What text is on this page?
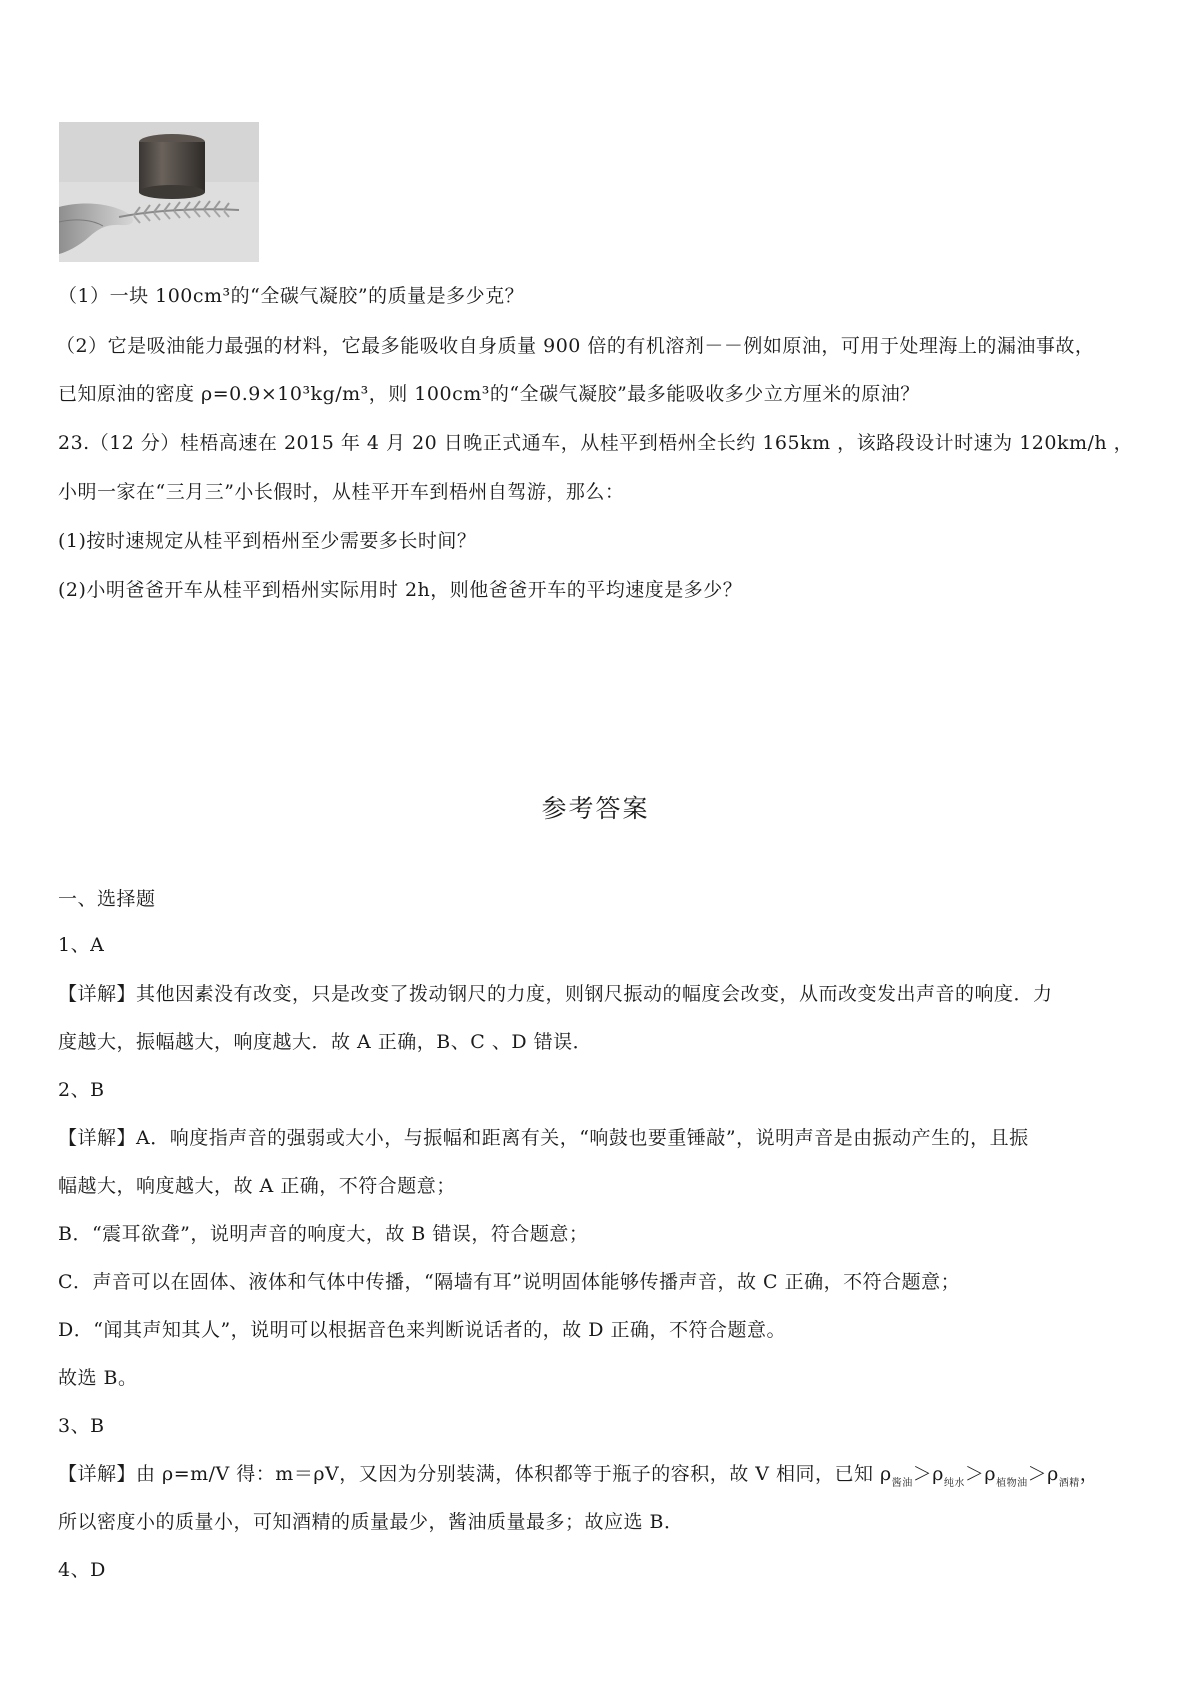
（1）一块 100cm³的“全碳气凝胶”的质量是多少克？
（2）它是吸油能力最强的材料，它最多能吸收自身质量 900 倍的有机溶剂－－例如原油，可用于处理海上的漏油事故，
已知原油的密度 ρ=0.9×10³kg/m³，则 100cm³的“全碳气凝胶”最多能吸收多少立方厘米的原油？
23.（12 分）桂梧高速在 2015 年 4 月 20 日晚正式通车，从桂平到梧州全长约 165km ，该路段设计时速为 120km/h ，
小明一家在“三月三”小长假时，从桂平开车到梧州自驾游，那么：
(1)按时速规定从桂平到梧州至少需要多长时间？
(2)小明爸爸开车从桂平到梧州实际用时 2h，则他爸爸开车的平均速度是多少？
参考答案
一、选择题
1、A
【详解】其他因素没有改变，只是改变了拨动钢尺的力度，则钢尺振动的幅度会改变，从而改变发出声音的响度．力
度越大，振幅越大，响度越大．故 A 正确，B、C 、D 错误．
2、B
【详解】A．响度指声音的强弱或大小，与振幅和距离有关，“响鼓也要重锤敲”，说明声音是由振动产生的，且振
幅越大，响度越大，故 A 正确，不符合题意；
B．“震耳欲聋”，说明声音的响度大，故 B 错误，符合题意；
C．声音可以在固体、液体和气体中传播，“隔墙有耳”说明固体能够传播声音，故 C 正确，不符合题意；
D．“闻其声知其人”，说明可以根据音色来判断说话者的，故 D 正确，不符合题意。
故选 B。
3、B
【详解】由 ρ=m/V 得：m＝ρV，又因为分别装满，体积都等于瓶子的容积，故 V 相同，已知 $\rho_{酱油}>\rho_{纯水}>\rho_{植物油}>\rho_{酒精}$，
所以密度小的质量小，可知酒精的质量最少，酱油质量最多；故应选 B．
4、D
